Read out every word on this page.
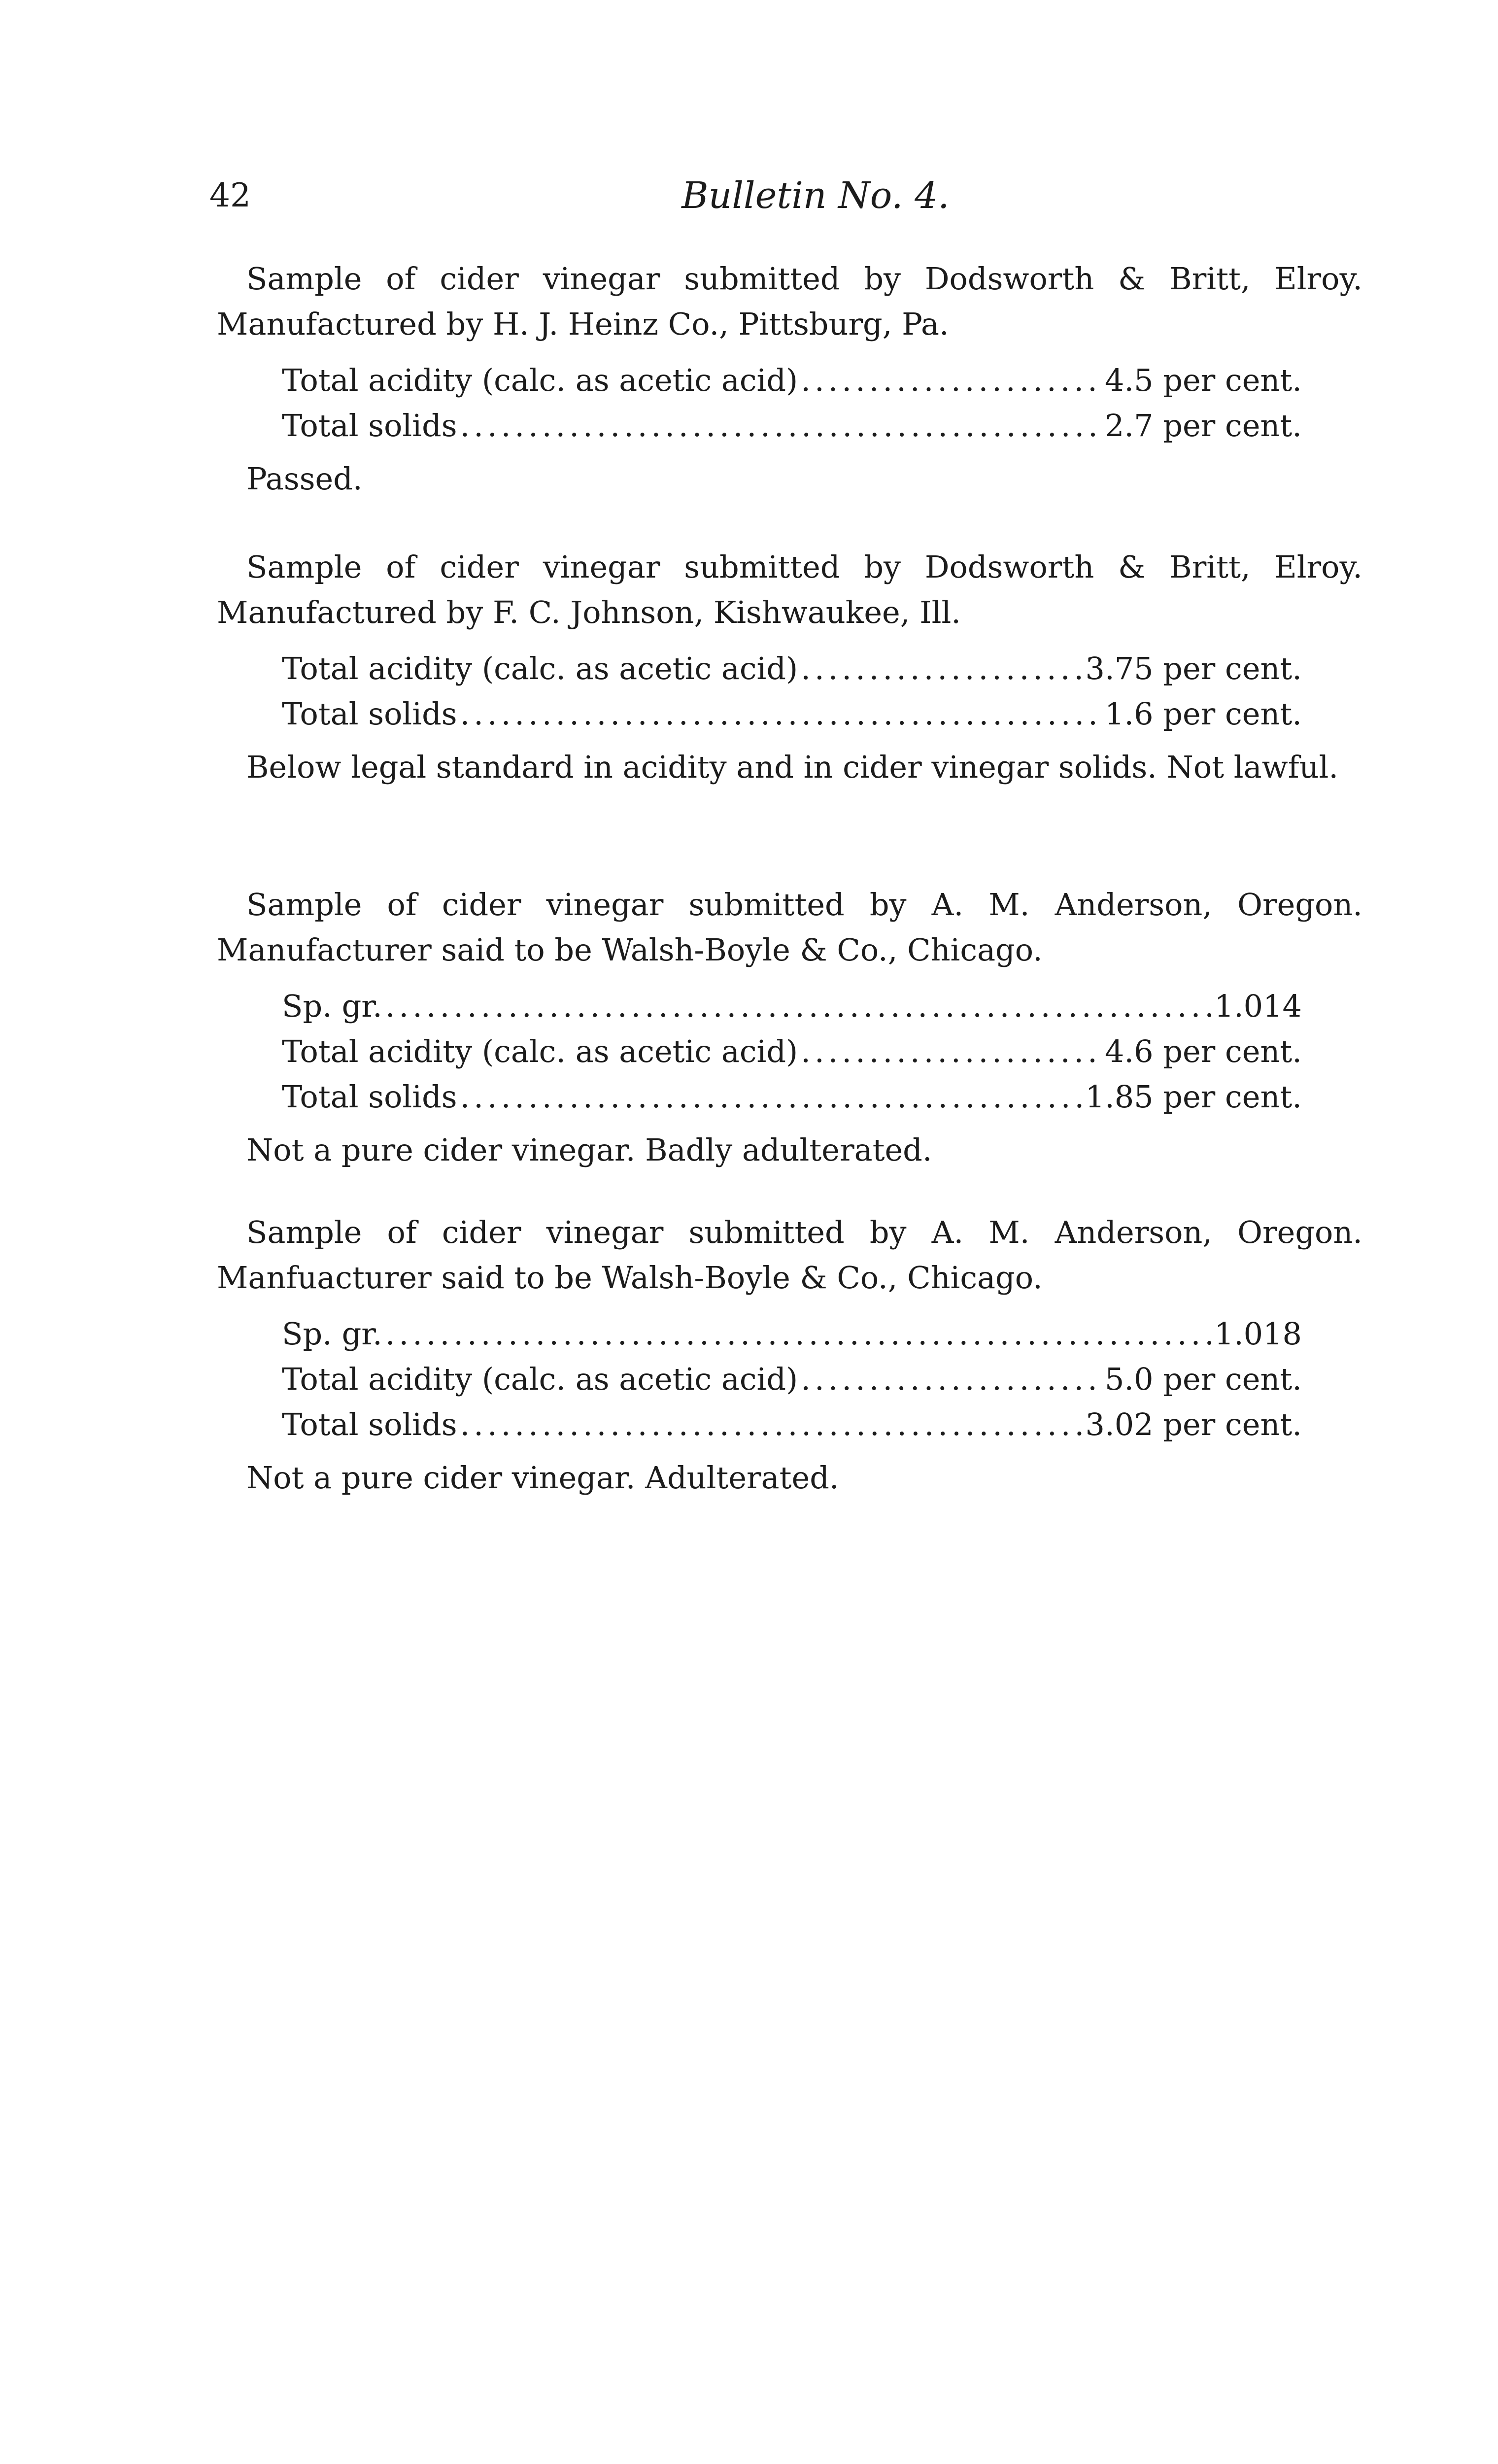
42	Bulletin No. 4.

Sample of cider vinegar submitted by Dodsworth & Britt, Elroy. Manufactured by H. J. Heinz Co., Pittsburg, Pa.

Total acidity (calc. as acetic acid) .....	4.5 per cent.
Total solids .....	2.7 per cent.

Passed.

Sample of cider vinegar submitted by Dodsworth & Britt, Elroy. Manufactured by F. C. Johnson, Kishwaukee, Ill.

Total acidity (calc. as acetic acid) .....	3.75 per cent.
Total solids .....	1.6 per cent.

Below legal standard in acidity and in cider vinegar solids. Not lawful.

Sample of cider vinegar submitted by A. M. Anderson, Oregon. Manufacturer said to be Walsh-Boyle & Co., Chicago.

Sp. gr. .....	1.014
Total acidity (calc. as acetic acid) .....	4.6 per cent.
Total solids .....	1.85 per cent.

Not a pure cider vinegar. Badly adulterated.

Sample of cider vinegar submitted by A. M. Anderson, Oregon. Manfuacturer said to be Walsh-Boyle & Co., Chicago.

Sp. gr. .....	1.018
Total acidity (calc. as acetic acid) .....	5.0 per cent.
Total solids .....	3.02 per cent.

Not a pure cider vinegar. Adulterated.
